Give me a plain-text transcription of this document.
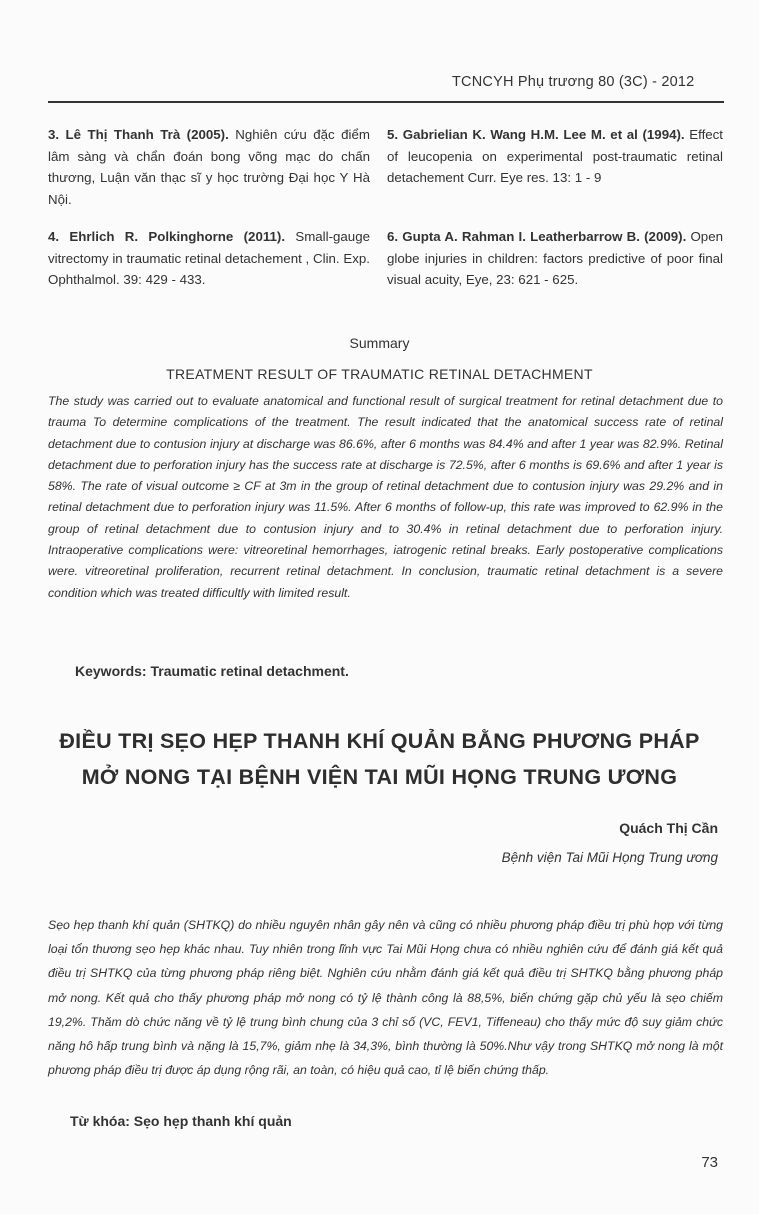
TCNCYH Phụ trương 80 (3C) - 2012
3. Lê Thị Thanh Trà (2005). Nghiên cứu đặc điểm lâm sàng và chẩn đoán bong võng mạc do chấn thương, Luận văn thạc sĩ y học trường Đại học Y Hà Nội.
4. Ehrlich R. Polkinghorne (2011). Small-gauge vitrectomy in traumatic retinal detachement , Clin. Exp. Ophthalmol. 39: 429 - 433.
5. Gabrielian K. Wang H.M. Lee M. et al (1994). Effect of leucopenia on experimental post-traumatic retinal detachement Curr. Eye res. 13: 1 - 9
6. Gupta A. Rahman I. Leatherbarrow B. (2009). Open globe injuries in children: factors predictive of poor final visual acuity, Eye, 23: 621 - 625.
Summary
TREATMENT RESULT OF TRAUMATIC RETINAL DETACHMENT
The study was carried out to evaluate anatomical and functional result of surgical treatment for retinal detachment due to trauma To determine complications of the treatment. The result indicated that the anatomical success rate of retinal detachment due to contusion injury at discharge was 86.6%, after 6 months was 84.4% and after 1 year was 82.9%. Retinal detachment due to perforation injury has the success rate at discharge is 72.5%, after 6 months is 69.6% and after 1 year is 58%. The rate of visual outcome ≥ CF at 3m in the group of retinal detachment due to contusion injury was 29.2% and in retinal detachment due to perforation injury was 11.5%. After 6 months of follow-up, this rate was improved to 62.9% in the group of retinal detachment due to contusion injury and to 30.4% in retinal detachment due to perforation injury. Intraoperative complications were: vitreoretinal hemorrhages, iatrogenic retinal breaks. Early postoperative complications were. vitreoretinal proliferation, recurrent retinal detachment. In conclusion, traumatic retinal detachment is a severe condition which was treated difficultly with limited result.
Keywords: Traumatic retinal detachment.
ĐIỀU TRỊ SẸO HẸP THANH KHÍ QUẢN BẰNG PHƯƠNG PHÁP
MỞ NONG TẠI BỆNH VIỆN TAI MŨI HỌNG TRUNG ƯƠNG
Quách Thị Cần
Bệnh viện Tai Mũi Họng Trung ương
Sẹo hẹp thanh khí quản (SHTKQ) do nhiều nguyên nhân gây nên và cũng có nhiều phương pháp điều trị phù hợp với từng loại tổn thương sẹo hẹp khác nhau. Tuy nhiên trong lĩnh vực Tai Mũi Họng chưa có nhiều nghiên cứu để đánh giá kết quả điều trị SHTKQ của từng phương pháp riêng biệt. Nghiên cứu nhằm đánh giá kết quả điều trị SHTKQ bằng phương pháp mở nong. Kết quả cho thấy phương pháp mở nong có tỷ lệ thành công là 88,5%, biến chứng gặp chủ yếu là sẹo chiếm 19,2%. Thăm dò chức năng về tỷ lệ trung bình chung của 3 chỉ số (VC, FEV1, Tiffeneau) cho thấy mức độ suy giảm chức năng hô hấp trung bình và nặng là 15,7%, giảm nhẹ là 34,3%, bình thường là 50%.Như vậy trong SHTKQ mở nong là một phương pháp điều trị được áp dụng rộng rãi, an toàn, có hiệu quả cao, tỉ lệ biến chứng thấp.
Từ khóa: Sẹo hẹp thanh khí quản
73
